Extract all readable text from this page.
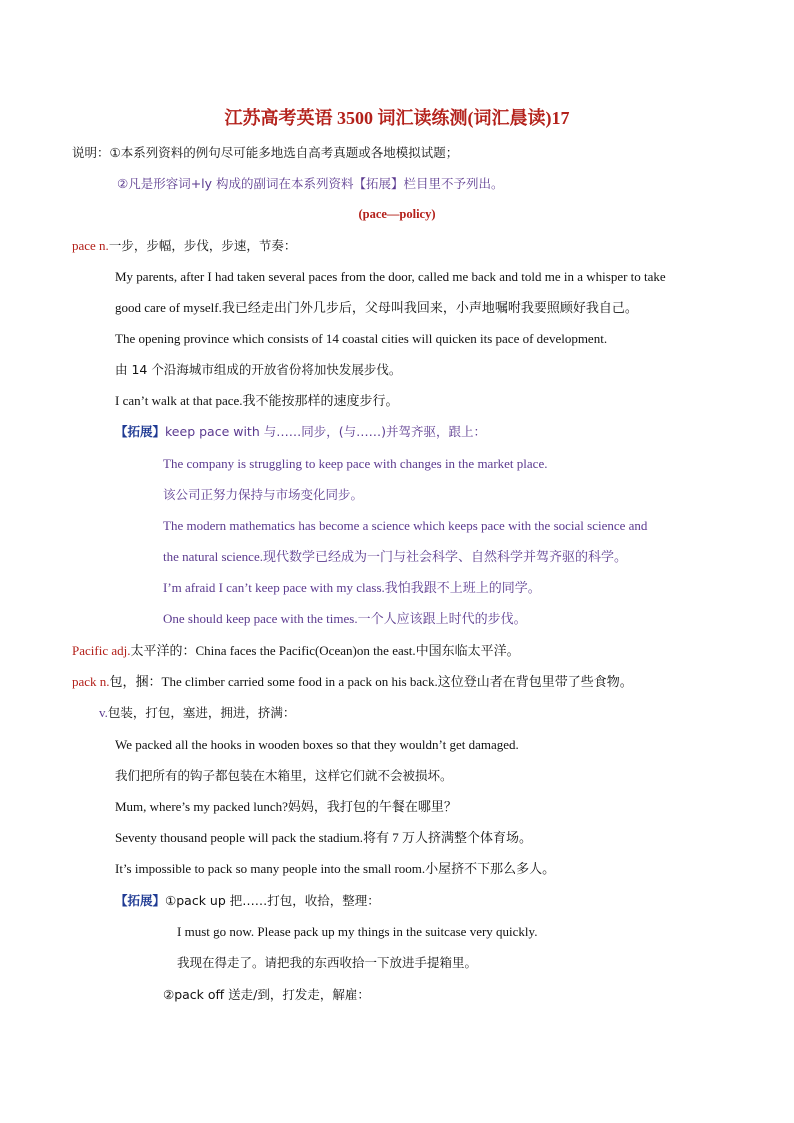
江苏高考英语 3500 词汇读练测(词汇晨读)17
说明：①本系列资料的例句尽可能多地选自高考真题或各地模拟试题；
②凡是形容词+ly 构成的副词在本系列资料【拓展】栏目里不予列出。
(pace—policy)
pace n.一步，步幅，步伐，步速，节奏：
My parents, after I had taken several paces from the door, called me back and told me in a whisper to take
good care of myself.我已经走出门外几步后，父母叫我回来，小声地嘱咐我要照顾好我自己。
The opening province which consists of 14 coastal cities will quicken its pace of development.
由 14 个沿海城市组成的开放省份将加快发展步伐。
I can’t walk at that pace.我不能按那样的速度步行。
【拓展】keep pace with 与……同步，(与……)并驾齐驱，跟上：
The company is struggling to keep pace with changes in the market place.
该公司正努力保持与市场变化同步。
The modern mathematics has become a science which keeps pace with the social science and
the natural science.现代数学已经成为一门与社会科学、自然科学并驾齐驱的科学。
I’m afraid I can’t keep pace with my class.我怕我跟不上班上的同学。
One should keep pace with the times.一个人应该跟上时代的步伐。
Pacific adj.太平洋的：China faces the Pacific(Ocean)on the east.中国东临太平洋。
pack n.包，捆：The climber carried some food in a pack on his back.这位登山者在背包里带了些食物。
v.包装，打包，塞进，拥进，挤满：
We packed all the hooks in wooden boxes so that they wouldn’t get damaged.
我们把所有的钩子都包装在木箱里，这样它们就不会被损坏。
Mum, where’s my packed lunch?妈妈，我打包的午餐在哪里？
Seventy thousand people will pack the stadium.将有 7 万人挤满整个体育场。
It’s impossible to pack so many people into the small room.小屋挤不下那么多人。
【拓展】①pack up 把……打包，收拾，整理：
I must go now. Please pack up my things in the suitcase very quickly.
我现在得走了。请把我的东西收拾一下放进手提箱里。
②pack off 送走/到，打发走，解雇：
